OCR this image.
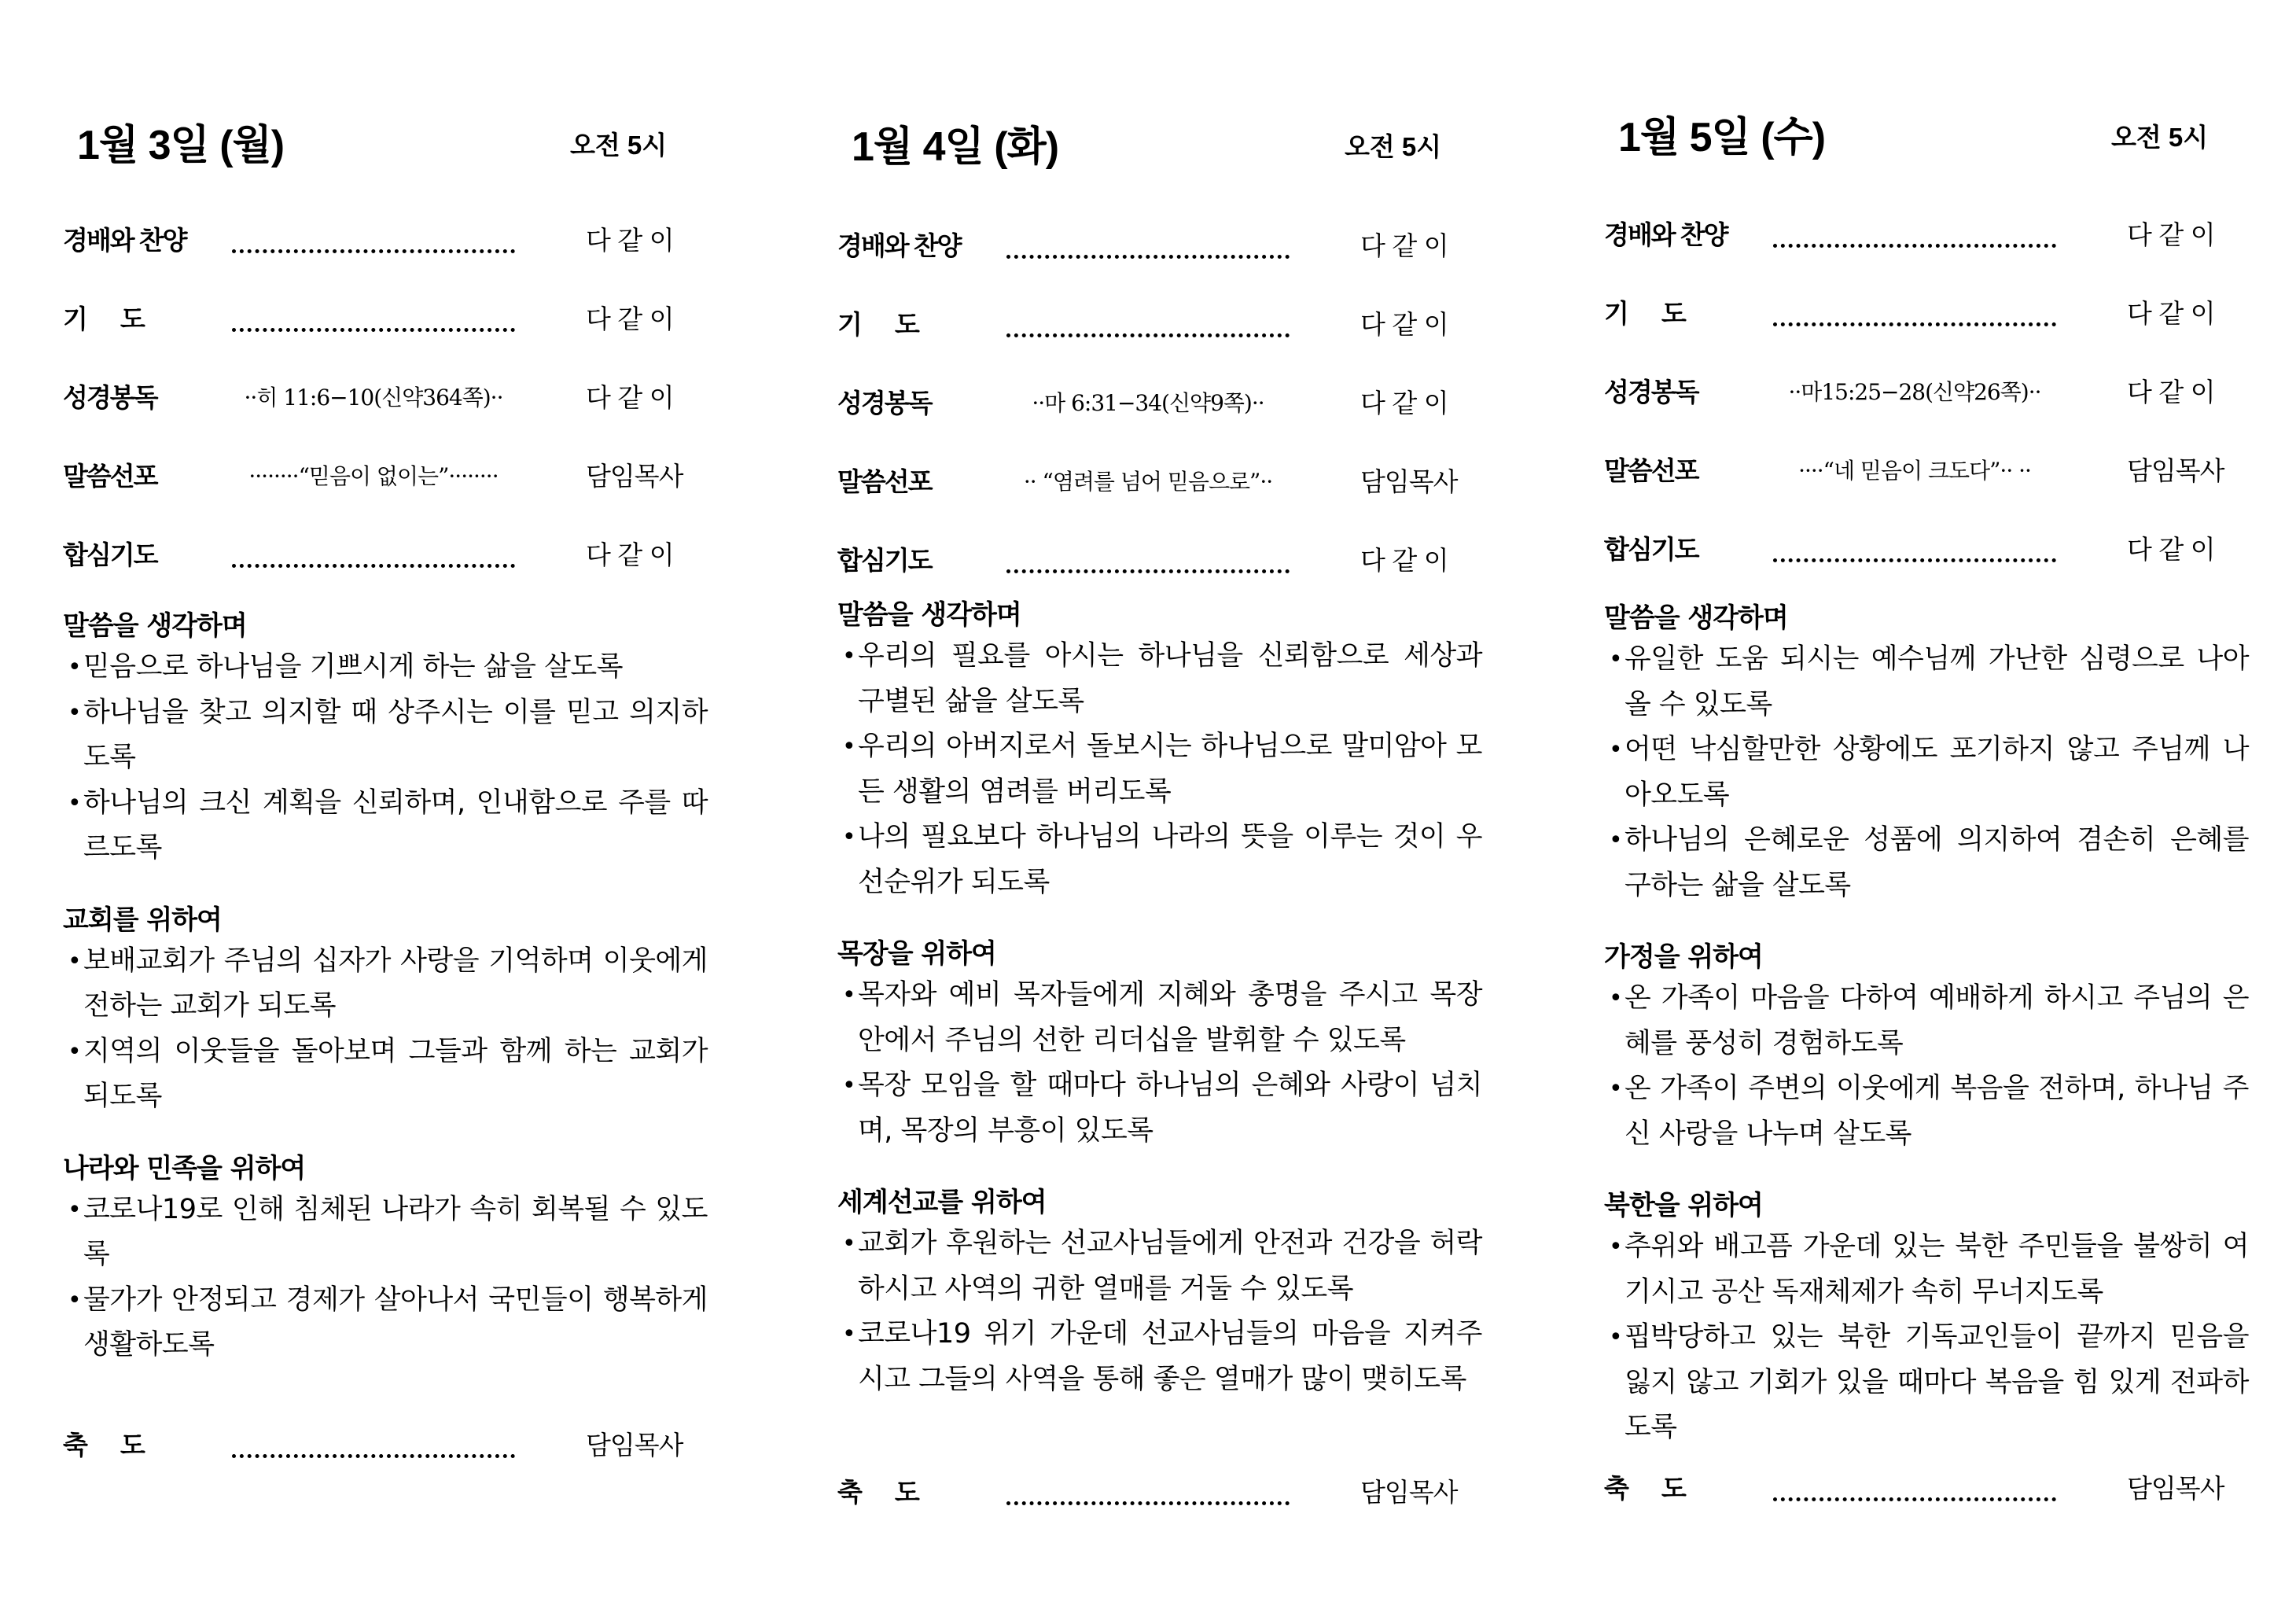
1월 3일 (월)	오전 5시
경배와 찬양	다 같 이
기      도	다 같 이
성경봉독	··히 11:6−10(신약364쪽)··	다 같 이
말씀선포	········“믿음이 없이는”········	담임목사
합심기도	다 같 이
말씀을 생각하며
• 믿음으로 하나님을 기쁘시게 하는 삶을 살도록
• 하나님을 찾고 의지할 때 상주시는 이를 믿고 의지하도록
• 하나님의 크신 계획을 신뢰하며, 인내함으로 주를 따르도록
교회를 위하여
• 보배교회가 주님의 십자가 사랑을 기억하며 이웃에게 전하는 교회가 되도록
• 지역의 이웃들을 돌아보며 그들과 함께 하는 교회가 되도록
나라와 민족을 위하여
• 코로나19로 인해 침체된 나라가 속히 회복될 수 있도록
• 물가가 안정되고 경제가 살아나서 국민들이 행복하게 생활하도록
축      도	담임목사
1월 4일 (화)	오전 5시
경배와 찬양	다 같 이
기      도	다 같 이
성경봉독	··마 6:31−34(신약9쪽)··	다 같 이
말씀선포	·· “염려를 넘어 믿음으로”··	담임목사
합심기도	다 같 이
말씀을 생각하며
• 우리의 필요를 아시는 하나님을 신뢰함으로 세상과 구별된 삶을 살도록
• 우리의 아버지로서 돌보시는 하나님으로 말미암아 모든 생활의 염려를 버리도록
• 나의 필요보다 하나님의 나라의 뜻을 이루는 것이 우선순위가 되도록
목장을 위하여
• 목자와 예비 목자들에게 지혜와 총명을 주시고 목장 안에서 주님의 선한 리더십을 발휘할 수 있도록
• 목장 모임을 할 때마다 하나님의 은혜와 사랑이 넘치며, 목장의 부흥이 있도록
세계선교를 위하여
• 교회가 후원하는 선교사님들에게 안전과 건강을 허락하시고 사역의 귀한 열매를 거둘 수 있도록
• 코로나19 위기 가운데 선교사님들의 마음을 지켜주시고 그들의 사역을 통해 좋은 열매가 많이 맺히도록
축      도	담임목사
1월 5일 (수)	오전 5시
경배와 찬양	다 같 이
기      도	다 같 이
성경봉독	··마15:25−28(신약26쪽)··	다 같 이
말씀선포	····“네 믿음이 크도다”·· ··	담임목사
합심기도	다 같 이
말씀을 생각하며
• 유일한 도움 되시는 예수님께 가난한 심령으로 나아올 수 있도록
• 어떤 낙심할만한 상황에도 포기하지 않고 주님께 나아오도록
• 하나님의 은혜로운 성품에 의지하여 겸손히 은혜를 구하는 삶을 살도록
가정을 위하여
• 온 가족이 마음을 다하여 예배하게 하시고 주님의 은혜를 풍성히 경험하도록
• 온 가족이 주변의 이웃에게 복음을 전하며, 하나님 주신 사랑을 나누며 살도록
북한을 위하여
• 추위와 배고픔 가운데 있는 북한 주민들을 불쌍히 여기시고 공산 독재체제가 속히 무너지도록
• 핍박당하고 있는 북한 기독교인들이 끝까지 믿음을 잃지 않고 기회가 있을 때마다 복음을 힘 있게 전파하도록
축      도	담임목사
